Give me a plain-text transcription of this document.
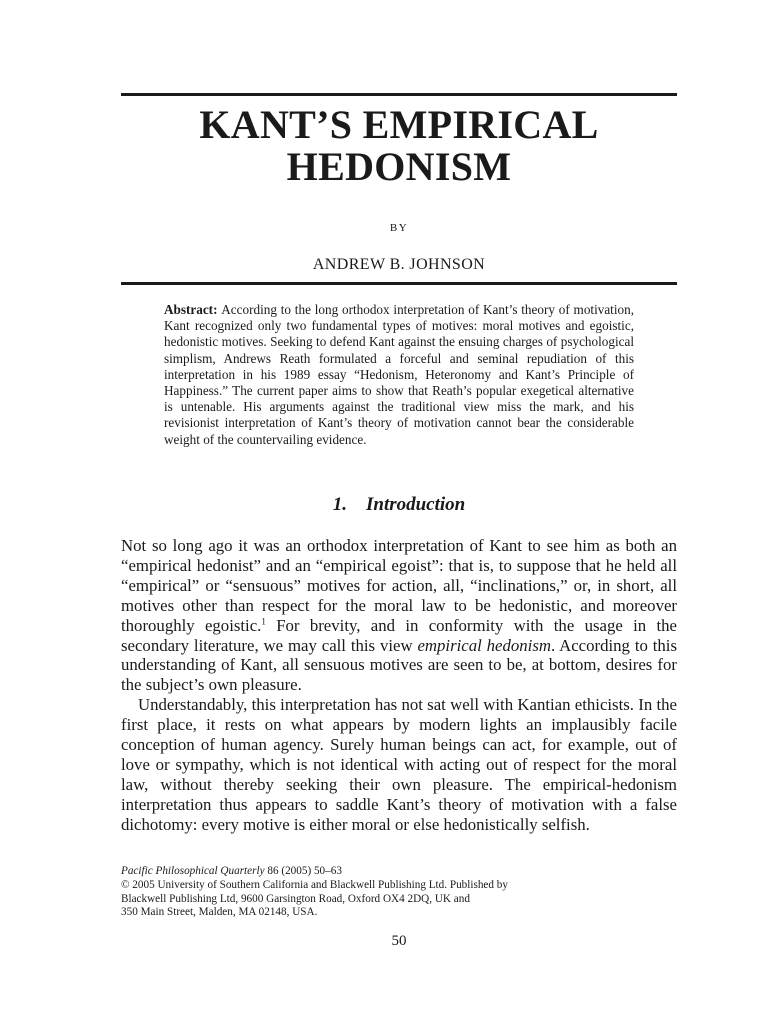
KANT’S EMPIRICAL
HEDONISM
BY
ANDREW B. JOHNSON

Abstract: According to the long orthodox interpretation of Kant’s theory of motivation, Kant recognized only two fundamental types of motives: moral motives and egoistic, hedonistic motives. Seeking to defend Kant against the ensuing charges of psychological simplism, Andrews Reath formulated a forceful and seminal repudiation of this interpretation in his 1989 essay “Hedonism, Heteronomy and Kant’s Principle of Happiness.” The current paper aims to show that Reath’s popular exegetical alternative is untenable. His arguments against the traditional view miss the mark, and his revisionist interpretation of Kant’s theory of motivation cannot bear the considerable weight of the countervailing evidence.

1.    Introduction

Not so long ago it was an orthodox interpretation of Kant to see him as both an “empirical hedonist” and an “empirical egoist”: that is, to suppose that he held all “empirical” or “sensuous” motives for action, all, “inclinations,” or, in short, all motives other than respect for the moral law to be hedonistic, and moreover thoroughly egoistic.$^1$ For brevity, and in conformity with the usage in the secondary literature, we may call this view empirical hedonism. According to this understanding of Kant, all sensuous motives are seen to be, at bottom, desires for the subject’s own pleasure.

Understandably, this interpretation has not sat well with Kantian ethicists. In the first place, it rests on what appears by modern lights an implausibly facile conception of human agency. Surely human beings can act, for example, out of love or sympathy, which is not identical with acting out of respect for the moral law, without thereby seeking their own pleasure. The empirical-hedonism interpretation thus appears to saddle Kant’s theory of motivation with a false dichotomy: every motive is either moral or else hedonistically selfish.

Pacific Philosophical Quarterly 86 (2005) 50–63
© 2005 University of Southern California and Blackwell Publishing Ltd. Published by
Blackwell Publishing Ltd, 9600 Garsington Road, Oxford OX4 2DQ, UK and
350 Main Street, Malden, MA 02148, USA.
50
